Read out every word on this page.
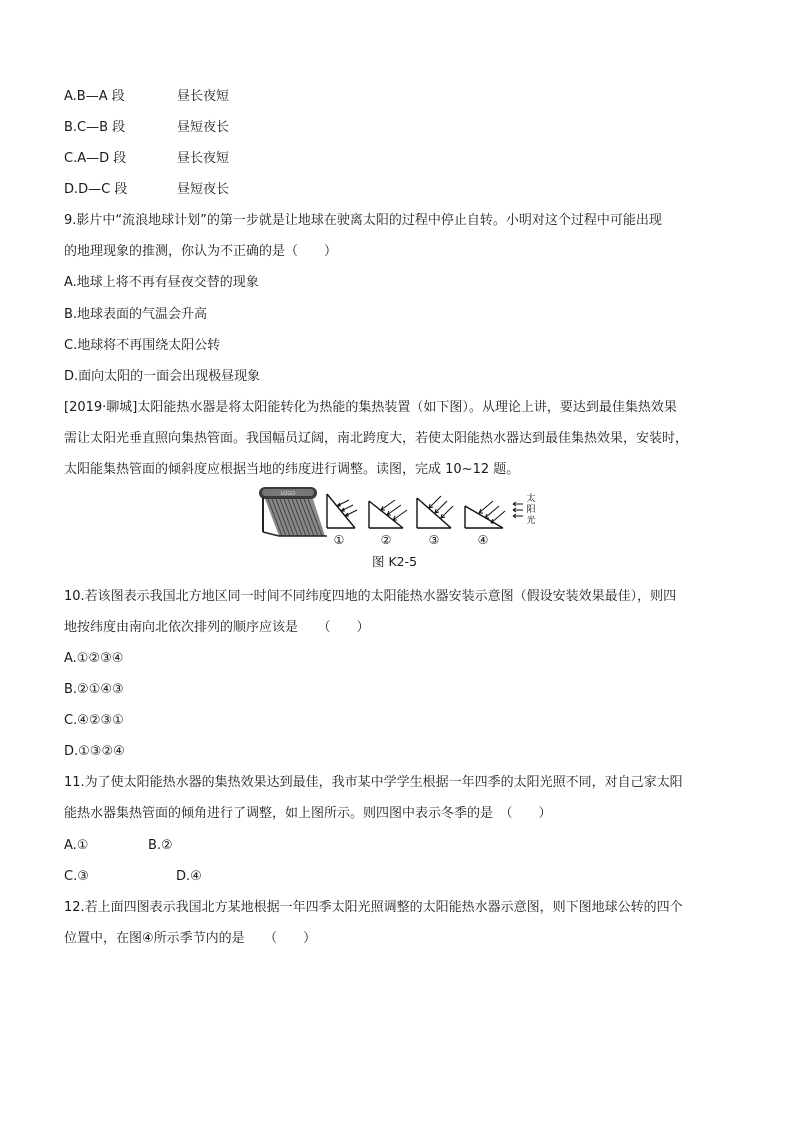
A.B—A 段	昼长夜短
B.C—B 段	昼短夜长
C.A—D 段	昼长夜短
D.D—C 段	昼短夜长
9.影片中“流浪地球计划”的第一步就是让地球在驶离太阳的过程中停止自转。小明对这个过程中可能出现
的地理现象的推测，你认为不正确的是（　　）
A.地球上将不再有昼夜交替的现象
B.地球表面的气温会升高
C.地球将不再围绕太阳公转
D.面向太阳的一面会出现极昼现象
[2019·聊城]太阳能热水器是将太阳能转化为热能的集热装置（如下图）。从理论上讲，要达到最佳集热效果
需让太阳光垂直照向集热管面。我国幅员辽阔，南北跨度大，若使太阳能热水器达到最佳集热效果，安装时，
太阳能集热管面的倾斜度应根据当地的纬度进行调整。读图，完成 10~12 题。
LOGO
①	②	③	④
太
阳
光
图 K2-5
10.若该图表示我国北方地区同一时间不同纬度四地的太阳能热水器安装示意图（假设安装效果最佳），则四
地按纬度由南向北依次排列的顺序应该是　　（　　）
A.①②③④
B.②①④③
C.④②③①
D.①③②④
11.为了使太阳能热水器的集热效果达到最佳，我市某中学学生根据一年四季的太阳光照不同，对自己家太阳
能热水器集热管面的倾角进行了调整，如上图所示。则四图中表示冬季的是　（　　）
A.①	B.②
C.③	D.④
12.若上面四图表示我国北方某地根据一年四季太阳光照调整的太阳能热水器示意图，则下图地球公转的四个
位置中，在图④所示季节内的是　　（　　）
